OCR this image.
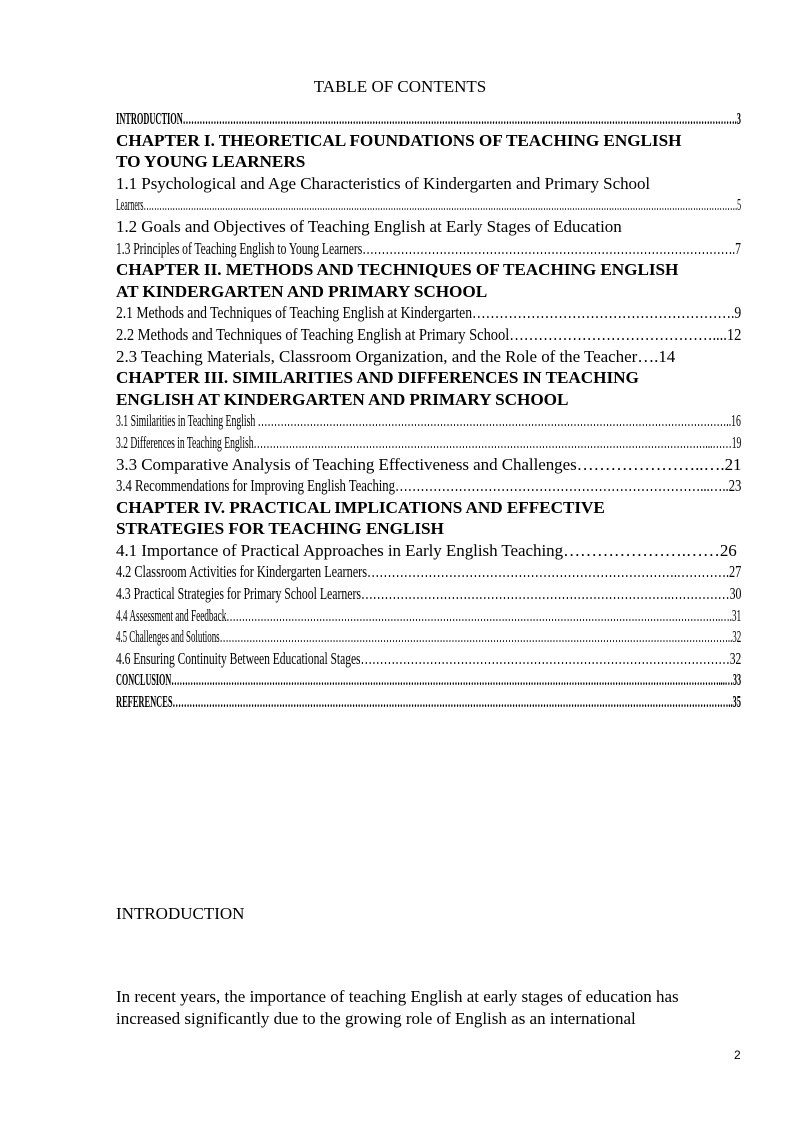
TABLE OF CONTENTS
INTRODUCTION……………………………………………………………………………………………………………………………………………………………………………….3
CHAPTER I. THEORETICAL FOUNDATIONS OF TEACHING ENGLISH
TO YOUNG LEARNERS
1.1 Psychological and Age Characteristics of Kindergarten and Primary School
Learners……………………………………………………………………………………………………………………………………………………………………………………………………….5
1.2 Goals and Objectives of Teaching English at Early Stages of Education
1.3 Principles of Teaching English to Young Learners…………………………………………………………………………………….7
CHAPTER II. METHODS AND TECHNIQUES OF TEACHING ENGLISH
AT KINDERGARTEN AND PRIMARY SCHOOL
2.1 Methods and Techniques of Teaching English at Kindergarten………………………………………………….9
2.2 Methods and Techniques of Teaching English at Primary School……………………………………....12
2.3 Teaching Materials, Classroom Organization, and the Role of the Teacher….14
CHAPTER III. SIMILARITIES AND DIFFERENCES IN TEACHING
ENGLISH AT KINDERGARTEN AND PRIMARY SCHOOL
3.1 Similarities in Teaching English ………………………………………………………………………………………………………………………………..16
3.2 Differences in Teaching English……………………………………………………………………………………………………………………………...……19
3.3 Comparative Analysis of Teaching Effectiveness and Challenges…………………..….21
3.4 Recommendations for Improving English Teaching………………………………………………………………...…..23
CHAPTER IV. PRACTICAL IMPLICATIONS AND EFFECTIVE
STRATEGIES FOR TEACHING ENGLISH
4.1 Importance of Practical Approaches in Early English Teaching………………….……26
4.2 Classroom Activities for Kindergarten Learners………………………………………………………………….………….27
4.3 Practical Strategies for Primary School Learners…………………………………………………………………….……………30
4.4 Assessment and Feedback…………………………………………………………………………………………………………………………………………….….31
4.5 Challenges and Solutions………………………………………………………………………………………………………………………………………………………..32
4.6 Ensuring Continuity Between Educational Stages……………………………………………………………………………………32
CONCLUSION…………………………………………………………………………………………………………………………………………………………………………………...…33
REFERENCES………………………………………………………………………………………………………………………………………………………………………………..35
INTRODUCTION
In recent years, the importance of teaching English at early stages of education has increased significantly due to the growing role of English as an international
2
